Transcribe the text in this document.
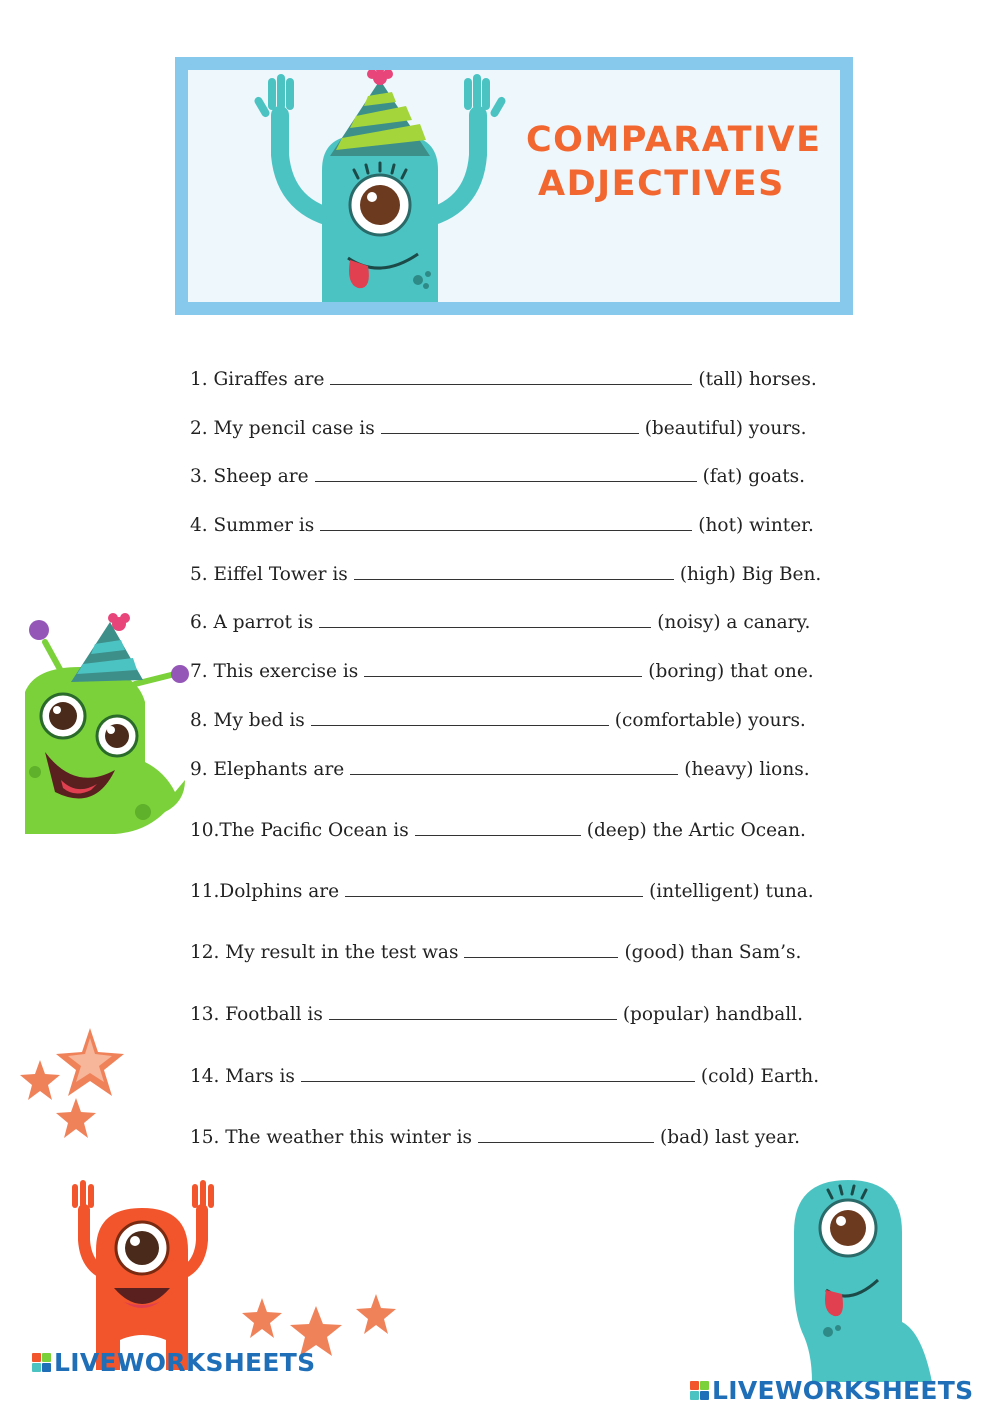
COMPARATIVE
ADJECTIVES
1. Giraffes are	(tall) horses.
2. My pencil case is	(beautiful) yours.
3. Sheep are	(fat) goats.
4. Summer is	(hot) winter.
5. Eiffel Tower is	(high) Big Ben.
6. A parrot is	(noisy) a canary.
7. This exercise is	(boring) that one.
8. My bed is	(comfortable) yours.
9. Elephants are	(heavy) lions.
10.The Pacific Ocean is	(deep) the Artic Ocean.
11.Dolphins are	(intelligent) tuna.
12. My result in the test was	(good) than Sam’s.
13. Football is	(popular) handball.
14. Mars is	(cold) Earth.
15. The weather this winter is	(bad) last year.
LIVEWORKSHEETS
LIVEWORKSHEETS
